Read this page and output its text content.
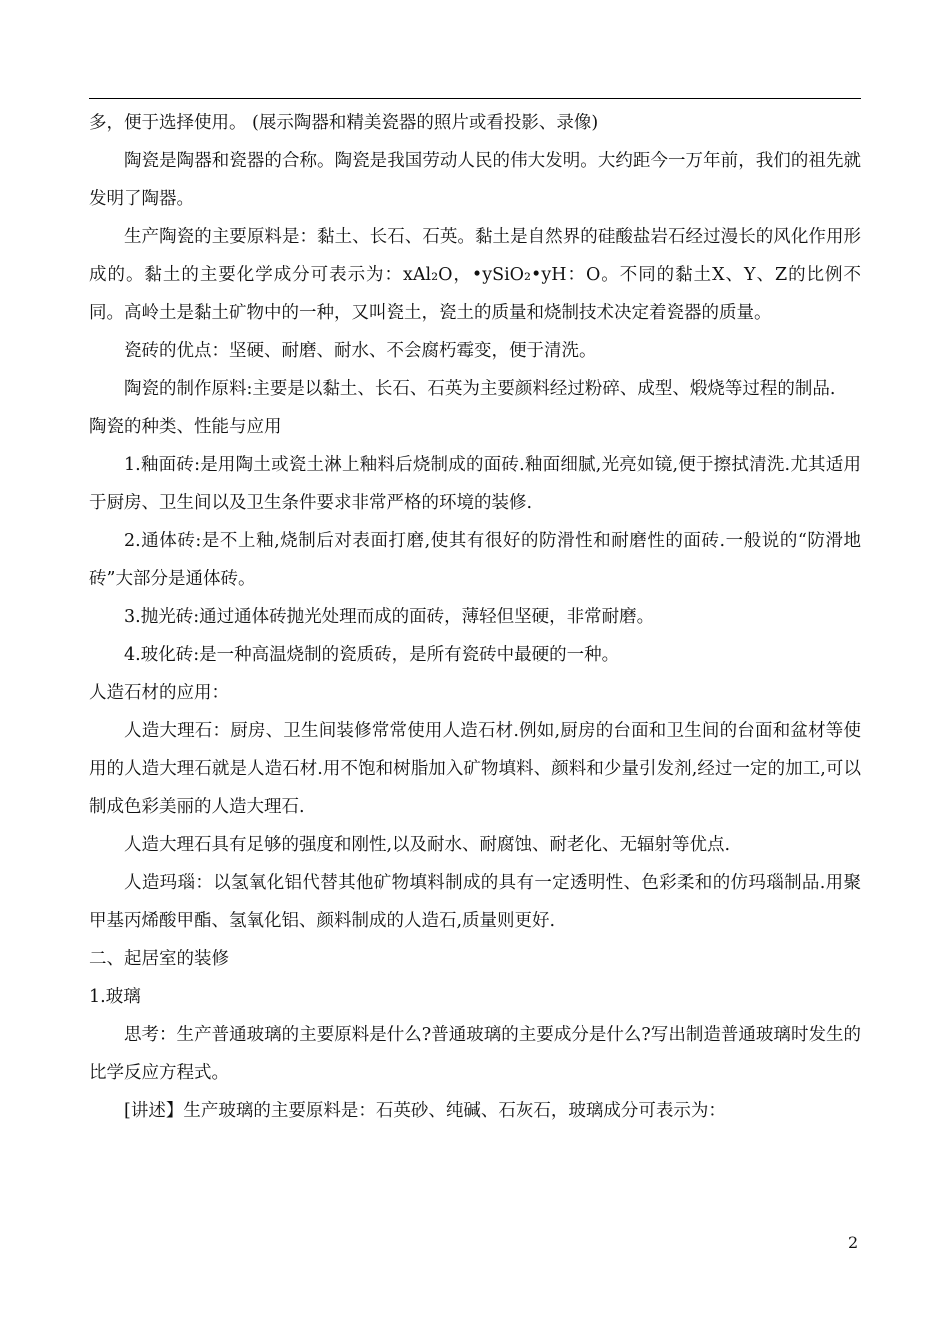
多，便于选择使用。 (展示陶器和精美瓷器的照片或看投影、录像)

陶瓷是陶器和瓷器的合称。陶瓷是我国劳动人民的伟大发明。大约距今一万年前，我们的祖先就发明了陶器。

生产陶瓷的主要原料是：黏土、长石、石英。黏土是自然界的硅酸盐岩石经过漫长的风化作用形成的。黏土的主要化学成分可表示为：xAl₂O，•ySiO₂•yH：O。不同的黏土X、Y、Z的比例不同。高岭土是黏土矿物中的一种，又叫瓷土，瓷土的质量和烧制技术决定着瓷器的质量。

瓷砖的优点：坚硬、耐磨、耐水、不会腐朽霉变，便于清洗。

陶瓷的制作原料:主要是以黏土、长石、石英为主要颜料经过粉碎、成型、煅烧等过程的制品.

陶瓷的种类、性能与应用

1.釉面砖:是用陶土或瓷土淋上釉料后烧制成的面砖.釉面细腻,光亮如镜,便于擦拭清洗.尤其适用于厨房、卫生间以及卫生条件要求非常严格的环境的装修.

2.通体砖:是不上釉,烧制后对表面打磨,使其有很好的防滑性和耐磨性的面砖.一般说的“防滑地砖”大部分是通体砖。

3.抛光砖:通过通体砖抛光处理而成的面砖，薄轻但坚硬，非常耐磨。

4.玻化砖:是一种高温烧制的瓷质砖，是所有瓷砖中最硬的一种。

人造石材的应用：

人造大理石：厨房、卫生间装修常常使用人造石材.例如,厨房的台面和卫生间的台面和盆材等使用的人造大理石就是人造石材.用不饱和树脂加入矿物填料、颜料和少量引发剂,经过一定的加工,可以制成色彩美丽的人造大理石.

人造大理石具有足够的强度和刚性,以及耐水、耐腐蚀、耐老化、无辐射等优点.

人造玛瑙：以氢氧化铝代替其他矿物填料制成的具有一定透明性、色彩柔和的仿玛瑙制品.用聚甲基丙烯酸甲酯、氢氧化铝、颜料制成的人造石,质量则更好.

二、起居室的装修

1.玻璃

思考：生产普通玻璃的主要原料是什么?普通玻璃的主要成分是什么?写出制造普通玻璃时发生的比学反应方程式。

[讲述】生产玻璃的主要原料是：石英砂、纯碱、石灰石，玻璃成分可表示为：

2
